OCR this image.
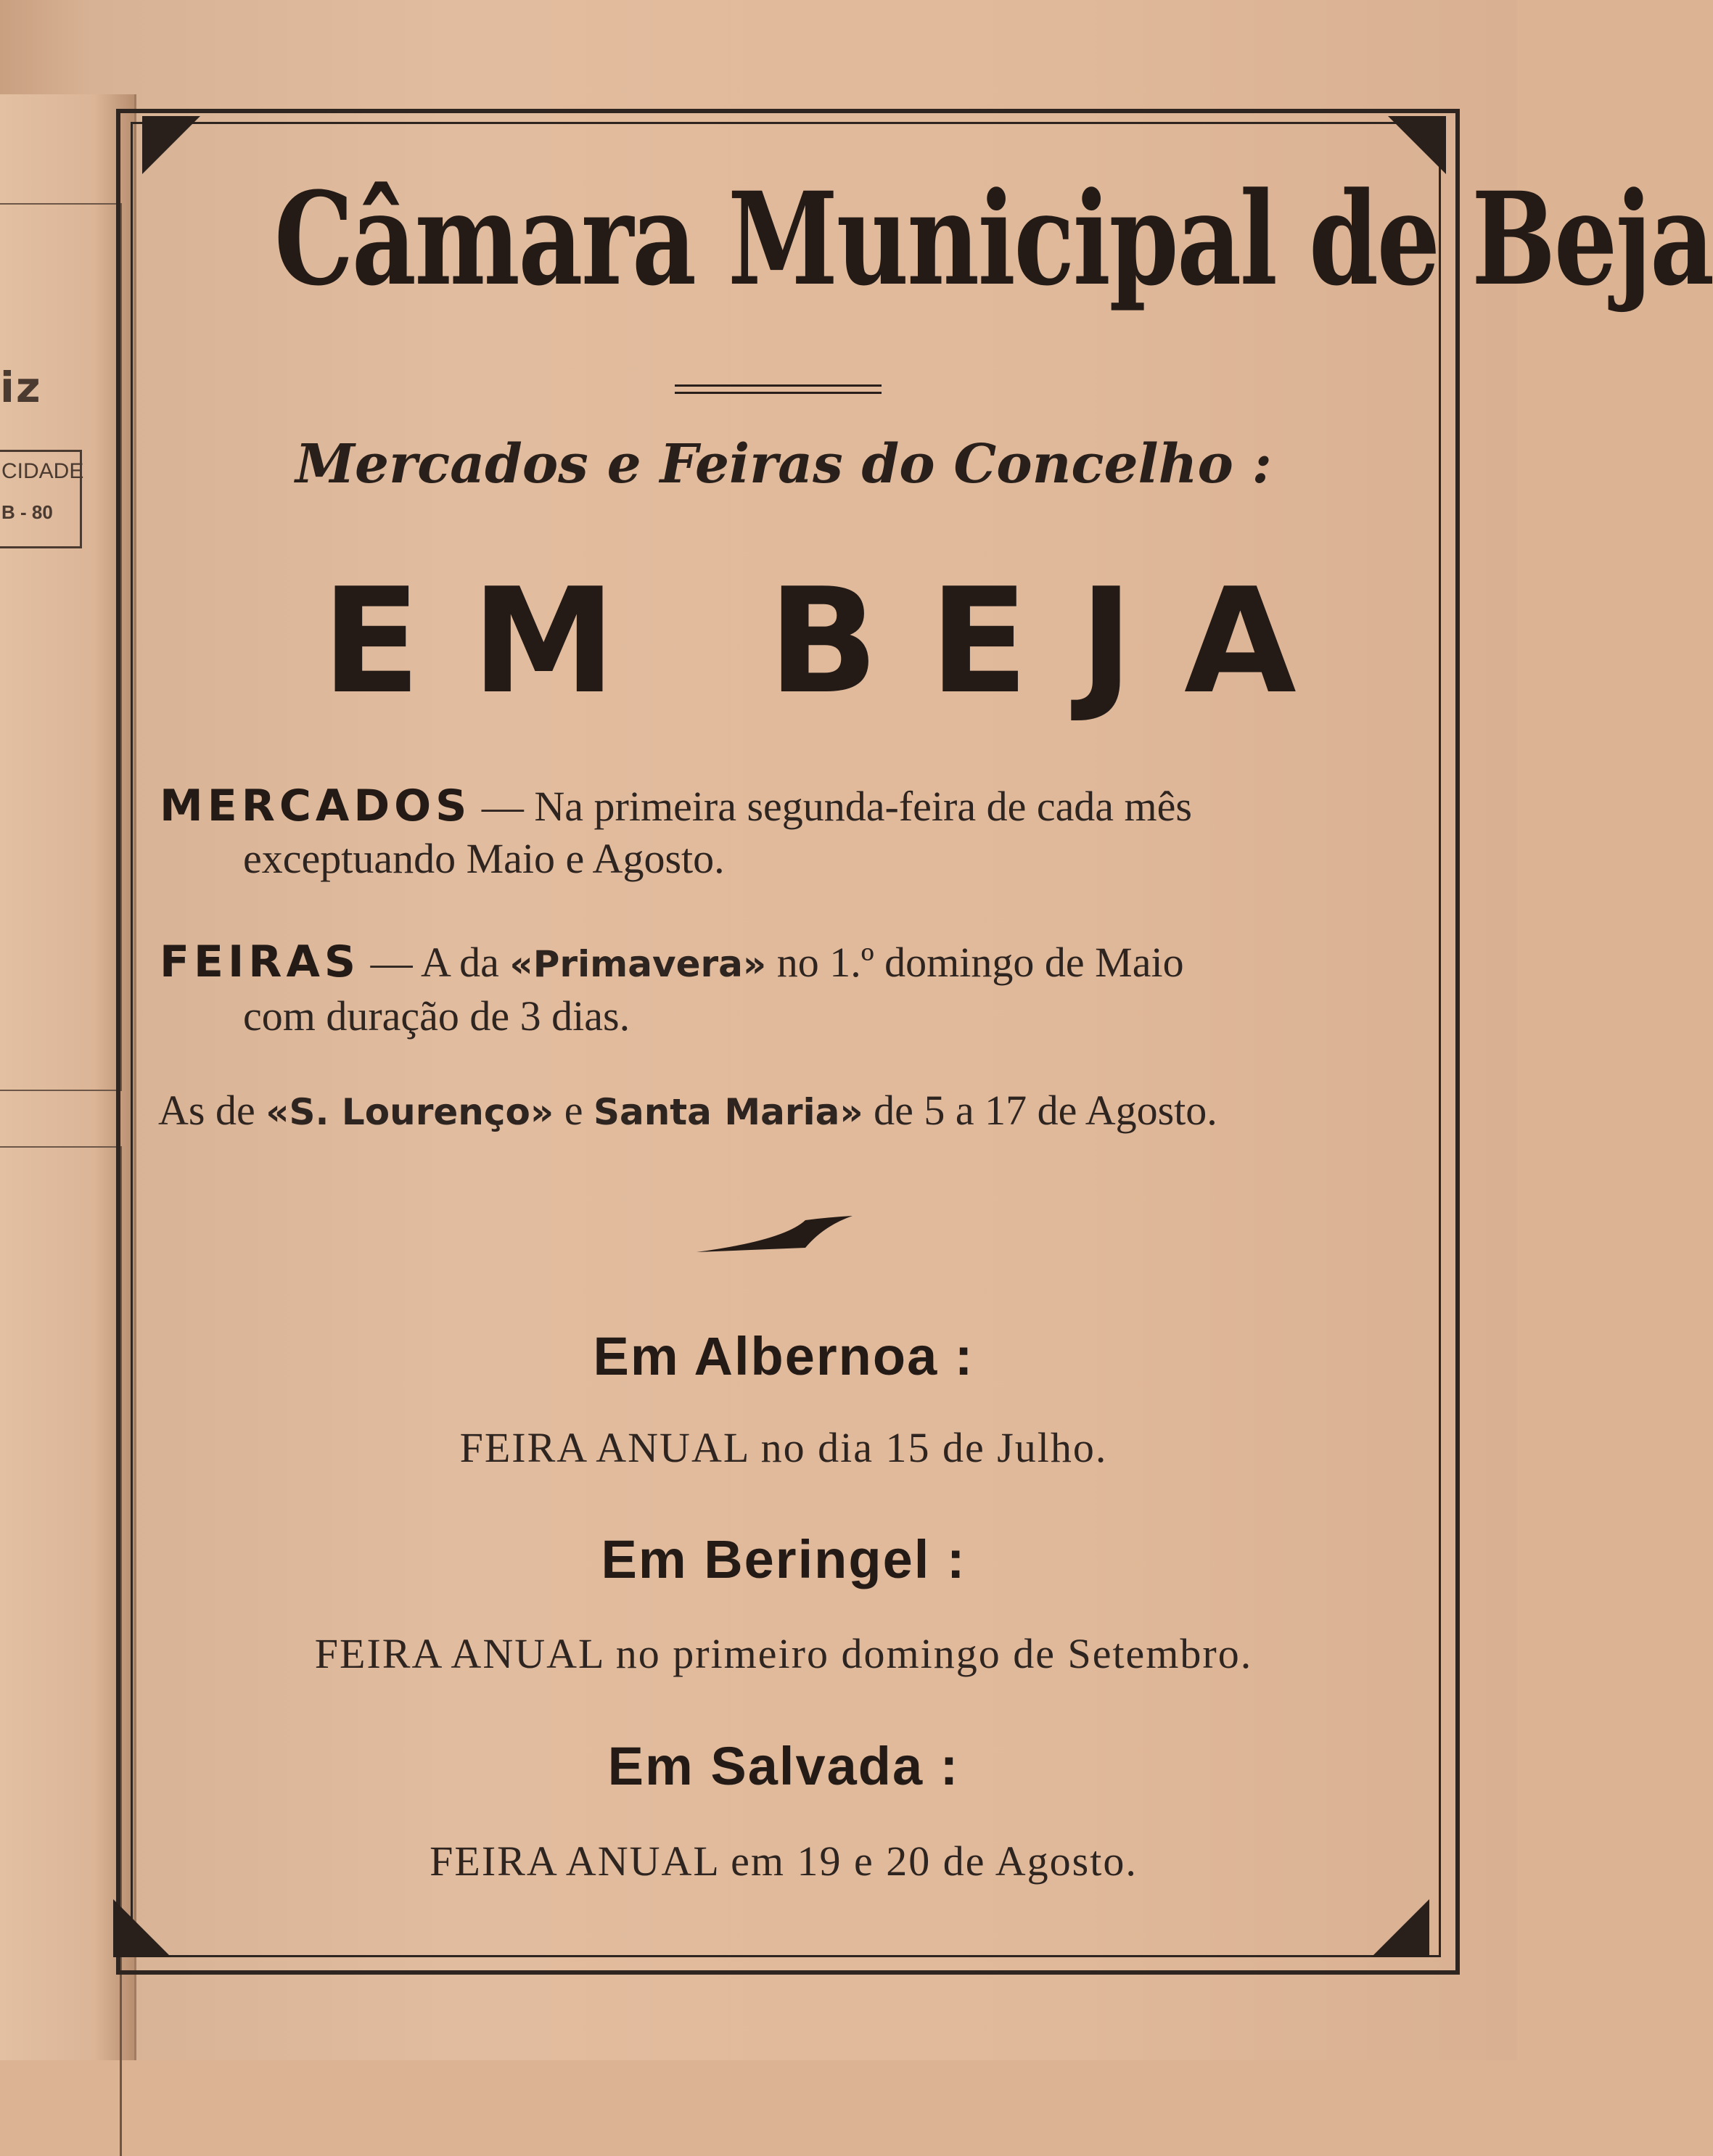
iz
CIDADE
B - 80
Câmara Municipal de Beja
Mercados e Feiras do Concelho :
EM BEJA
MERCADOS — Na primeira segunda-feira de cada mês
exceptuando Maio e Agosto.
FEIRAS — A da «Primavera» no 1.º domingo de Maio
com duração de 3 dias.
As de «S. Lourenço» e Santa Maria» de 5 a 17 de Agosto.
Em Albernoa :
FEIRA ANUAL no dia 15 de Julho.
Em Beringel :
FEIRA ANUAL no primeiro domingo de Setembro.
Em Salvada :
FEIRA ANUAL em 19 e 20 de Agosto.
